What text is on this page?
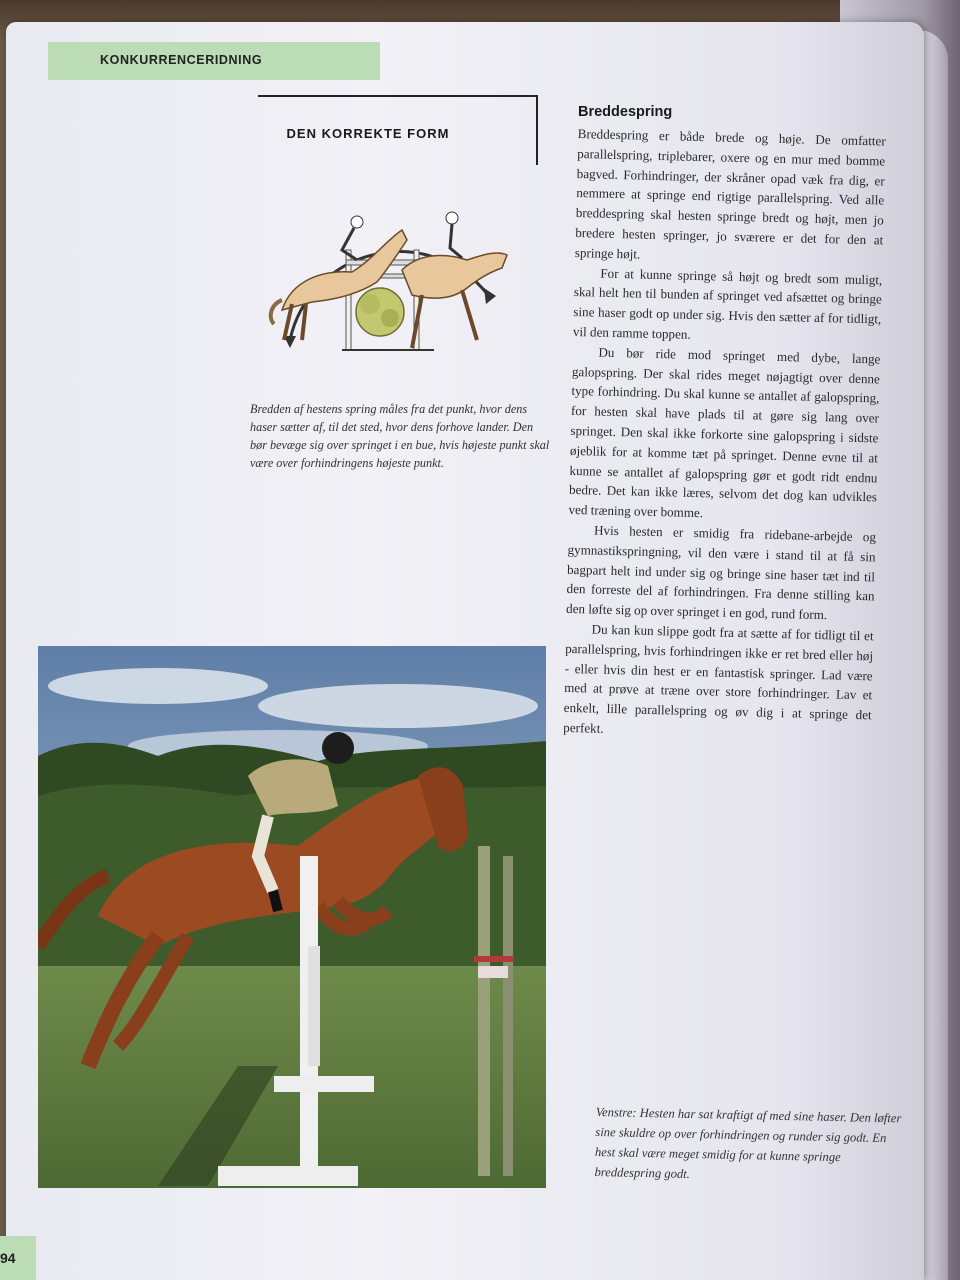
KONKURRENCERIDNING
DEN KORREKTE FORM
Bredden af hestens spring måles fra det punkt, hvor dens haser sætter af, til det sted, hvor dens forhove lander. Den bør bevæge sig over springet i en bue, hvis højeste punkt skal være over forhindringens højeste punkt.
Breddespring

Breddespring er både brede og høje. De omfatter parallelspring, triplebarer, oxere og en mur med bomme bagved. Forhindringer, der skråner opad væk fra dig, er nemmere at springe end rigtige parallelspring. Ved alle breddespring skal hesten springe bredt og højt, men jo bredere hesten springer, jo sværere er det for den at springe højt.

For at kunne springe så højt og bredt som muligt, skal helt hen til bunden af springet ved afsættet og bringe sine haser godt op under sig. Hvis den sætter af for tidligt, vil den ramme toppen.

Du bør ride mod springet med dybe, lange galopspring. Der skal rides meget nøjagtigt over denne type forhindring. Du skal kunne se antallet af galopspring, for hesten skal have plads til at gøre sig lang over springet. Den skal ikke forkorte sine galopspring i sidste øjeblik for at komme tæt på springet. Denne evne til at kunne se antallet af galopspring gør et godt ridt endnu bedre. Det kan ikke læres, selvom det dog kan udvikles ved træning over bomme.

Hvis hesten er smidig fra ridebane-arbejde og gymnastikspringning, vil den være i stand til at få sin bagpart helt ind under sig og bringe sine haser tæt ind til den forreste del af forhindringen. Fra denne stilling kan den løfte sig op over springet i en god, rund form.

Du kan kun slippe godt fra at sætte af for tidligt til et parallelspring, hvis forhindringen ikke er ret bred eller høj - eller hvis din hest er en fantastisk springer. Lad være med at prøve at træne over store forhindringer. Lav et enkelt, lille parallelspring og øv dig i at springe det perfekt.

Venstre: Hesten har sat kraftigt af med sine haser. Den løfter sine skuldre op over forhindringen og runder sig godt. En hest skal være meget smidig for at kunne springe breddespring godt.
94
